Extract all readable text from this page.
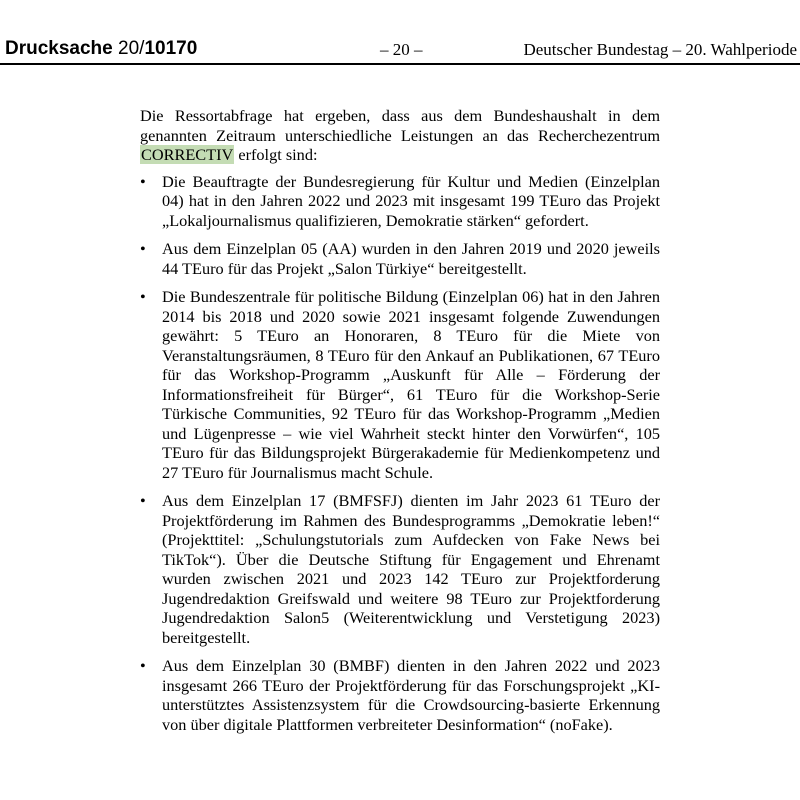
Drucksache 20/10170	– 20 –	Deutscher Bundestag – 20. Wahlperiode

Die Ressortabfrage hat ergeben, dass aus dem Bundeshaushalt in dem genannten Zeitraum unterschiedliche Leistungen an das Recherchezentrum CORRECTIV erfolgt sind:

• Die Beauftragte der Bundesregierung für Kultur und Medien (Einzelplan 04) hat in den Jahren 2022 und 2023 mit insgesamt 199 TEuro das Projekt „Lokaljournalismus qualifizieren, Demokratie stärken“ gefordert.
• Aus dem Einzelplan 05 (AA) wurden in den Jahren 2019 und 2020 jeweils 44 TEuro für das Projekt „Salon Türkiye“ bereitgestellt.
• Die Bundeszentrale für politische Bildung (Einzelplan 06) hat in den Jahren 2014 bis 2018 und 2020 sowie 2021 insgesamt folgende Zuwendungen gewährt: 5 TEuro an Honoraren, 8 TEuro für die Miete von Veranstaltungsräumen, 8 TEuro für den Ankauf an Publikationen, 67 TEuro für das Workshop-Programm „Auskunft für Alle – Förderung der Informationsfreiheit für Bürger“, 61 TEuro für die Workshop-Serie Türkische Communities, 92 TEuro für das Workshop-Programm „Medien und Lügenpresse – wie viel Wahrheit steckt hinter den Vorwürfen“, 105 TEuro für das Bildungsprojekt Bürgerakademie für Medienkompetenz und 27 TEuro für Journalismus macht Schule.
• Aus dem Einzelplan 17 (BMFSFJ) dienten im Jahr 2023 61 TEuro der Projektförderung im Rahmen des Bundesprogramms „Demokratie leben!“ (Projekttitel: „Schulungstutorials zum Aufdecken von Fake News bei TikTok“). Über die Deutsche Stiftung für Engagement und Ehrenamt wurden zwischen 2021 und 2023 142 TEuro zur Projektforderung Jugendredaktion Greifswald und weitere 98 TEuro zur Projektforderung Jugendredaktion Salon5 (Weiterentwicklung und Verstetigung 2023) bereitgestellt.
• Aus dem Einzelplan 30 (BMBF) dienten in den Jahren 2022 und 2023 insgesamt 266 TEuro der Projektförderung für das Forschungsprojekt „KI-unterstütztes Assistenzsystem für die Crowdsourcing-basierte Erkennung von über digitale Plattformen verbreiteter Desinformation“ (noFake).
